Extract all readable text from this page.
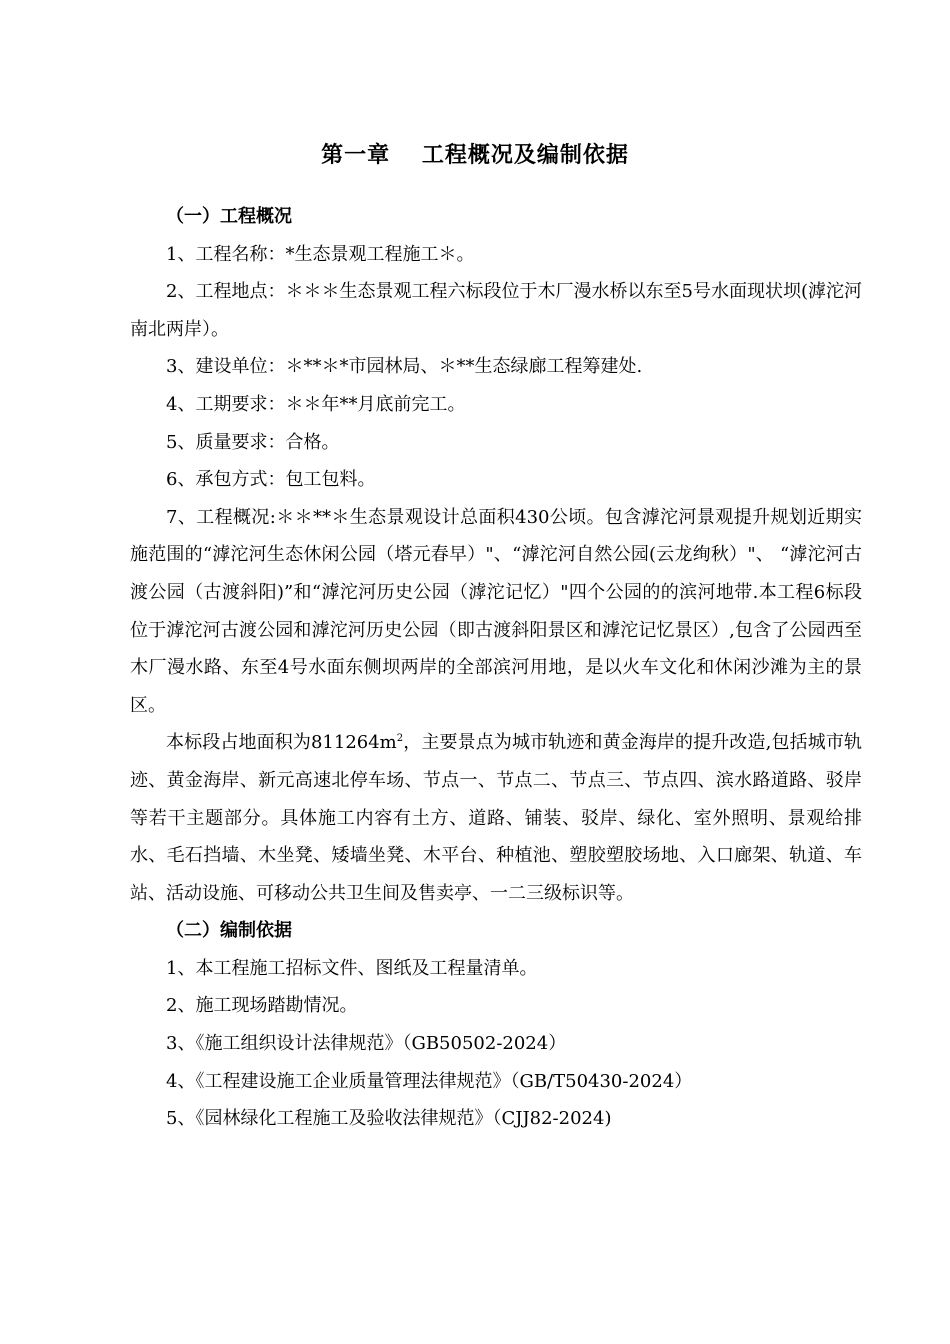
第一章　 工程概况及编制依据

（一）工程概况

1、工程名称：*生态景观工程施工＊。

2、工程地点：＊＊＊生态景观工程六标段位于木厂漫水桥以东至5号水面现状坝(滹沱河南北两岸）。

3、建设单位：＊**＊*市园林局、＊**生态绿廊工程筹建处.

4、工期要求：＊＊年**月底前完工。

5、质量要求：合格。

6、承包方式：包工包料。

7、工程概况:＊＊**＊生态景观设计总面积430公顷。包含滹沱河景观提升规划近期实施范围的“滹沱河生态休闲公园（塔元春早）"、“滹沱河自然公园(云龙绚秋）"、 “滹沱河古渡公园（古渡斜阳)”和“滹沱河历史公园（滹沱记忆）"四个公园的的滨河地带.本工程6标段位于滹沱河古渡公园和滹沱河历史公园（即古渡斜阳景区和滹沱记忆景区）,包含了公园西至木厂漫水路、东至4号水面东侧坝两岸的全部滨河用地，是以火车文化和休闲沙滩为主的景区。

本标段占地面积为$811264m^2$，主要景点为城市轨迹和黄金海岸的提升改造,包括城市轨迹、黄金海岸、新元高速北停车场、节点一、节点二、节点三、节点四、滨水路道路、驳岸等若干主题部分。具体施工内容有土方、道路、铺装、驳岸、绿化、室外照明、景观给排水、毛石挡墙、木坐凳、矮墙坐凳、木平台、种植池、塑胶塑胶场地、入口廊架、轨道、车站、活动设施、可移动公共卫生间及售卖亭、一二三级标识等。

（二）编制依据

1、本工程施工招标文件、图纸及工程量清单。

2、施工现场踏勘情况。

3、《施工组织设计法律规范》（GB50502-2024）

4、《工程建设施工企业质量管理法律规范》（GB/T50430-2024）

5、《园林绿化工程施工及验收法律规范》（CJJ82-2024)
